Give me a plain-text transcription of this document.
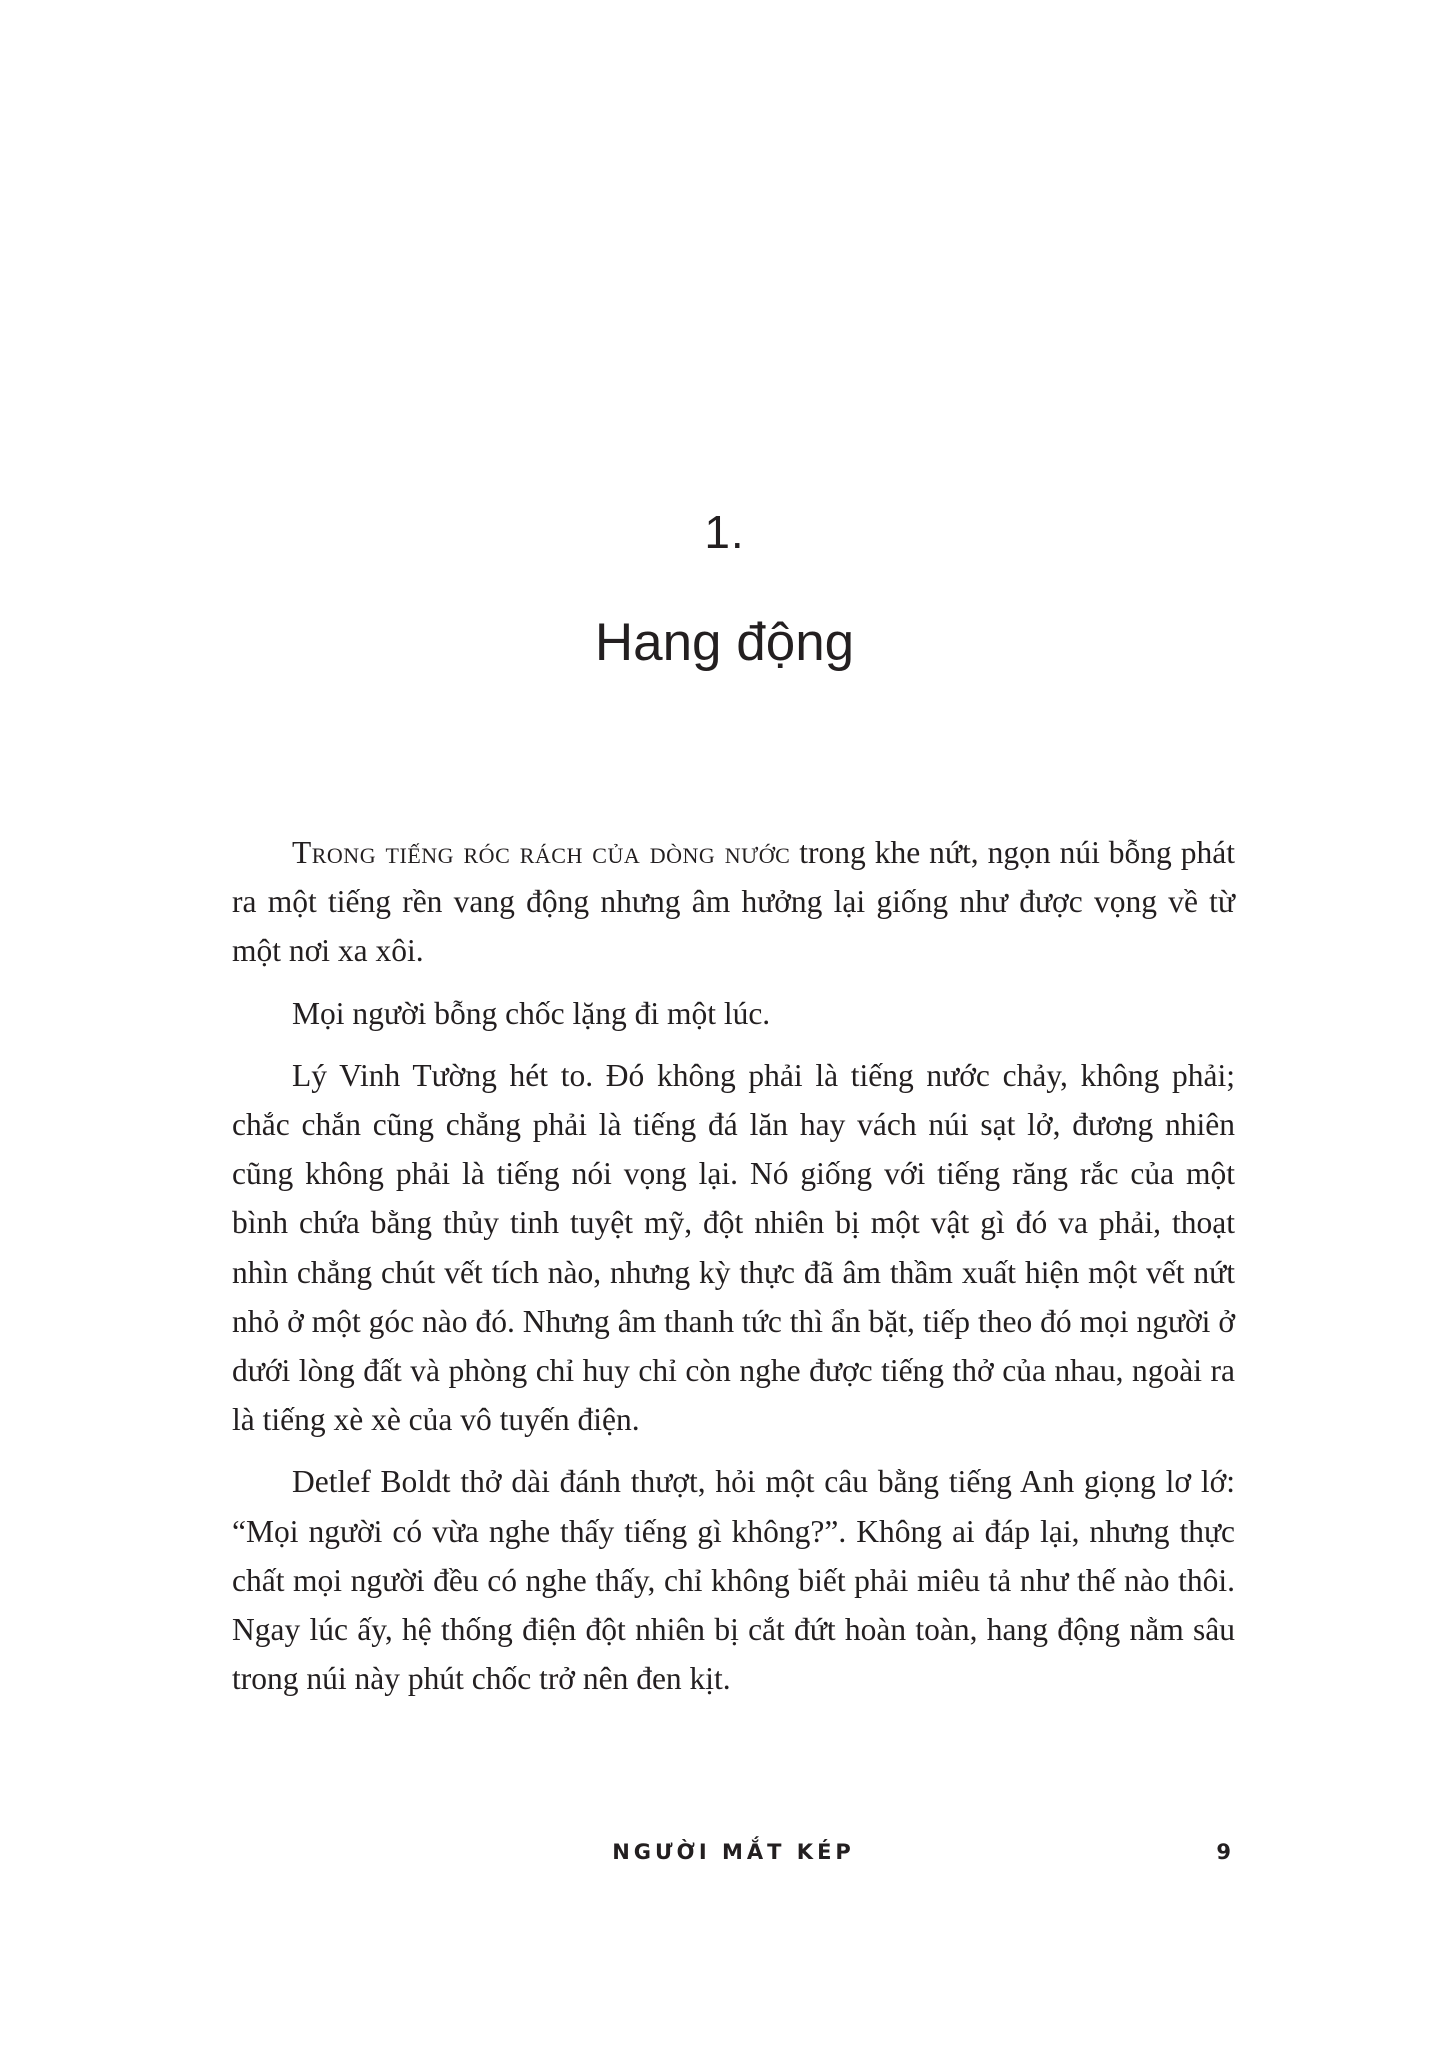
1.
Hang động

Trong tiếng róc rách của dòng nước trong khe nứt, ngọn núi bỗng phát ra một tiếng rền vang động nhưng âm hưởng lại giống như được vọng về từ một nơi xa xôi.

Mọi người bỗng chốc lặng đi một lúc.

Lý Vinh Tường hét to. Đó không phải là tiếng nước chảy, không phải; chắc chắn cũng chẳng phải là tiếng đá lăn hay vách núi sạt lở, đương nhiên cũng không phải là tiếng nói vọng lại. Nó giống với tiếng răng rắc của một bình chứa bằng thủy tinh tuyệt mỹ, đột nhiên bị một vật gì đó va phải, thoạt nhìn chẳng chút vết tích nào, nhưng kỳ thực đã âm thầm xuất hiện một vết nứt nhỏ ở một góc nào đó. Nhưng âm thanh tức thì ẩn bặt, tiếp theo đó mọi người ở dưới lòng đất và phòng chỉ huy chỉ còn nghe được tiếng thở của nhau, ngoài ra là tiếng xè xè của vô tuyến điện.

Detlef Boldt thở dài đánh thượt, hỏi một câu bằng tiếng Anh giọng lơ lớ: “Mọi người có vừa nghe thấy tiếng gì không?”. Không ai đáp lại, nhưng thực chất mọi người đều có nghe thấy, chỉ không biết phải miêu tả như thế nào thôi. Ngay lúc ấy, hệ thống điện đột nhiên bị cắt đứt hoàn toàn, hang động nằm sâu trong núi này phút chốc trở nên đen kịt.

NGƯỜI MẮT KÉP	9
